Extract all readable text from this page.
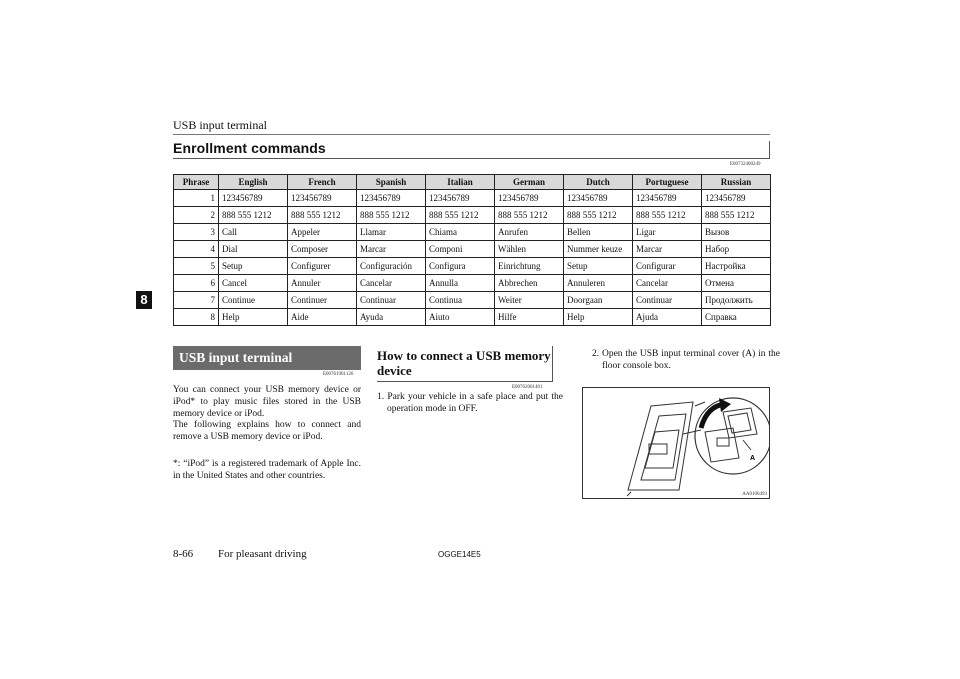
USB input terminal
Enrollment commands
E00732400249
8
Phrase	English	French	Spanish	Italian	German	Dutch	Portuguese	Russian
1	123456789	123456789	123456789	123456789	123456789	123456789	123456789	123456789
2	888 555 1212	888 555 1212	888 555 1212	888 555 1212	888 555 1212	888 555 1212	888 555 1212	888 555 1212
3	Call	Appeler	Llamar	Chiama	Anrufen	Bellen	Ligar	Вызов
4	Dial	Composer	Marcar	Componi	Wählen	Nummer keuze	Marcar	Набор
5	Setup	Configurer	Configuración	Configura	Einrichtung	Setup	Configurar	Настройка
6	Cancel	Annuler	Cancelar	Annulla	Abbrechen	Annuleren	Cancelar	Отмена
7	Continue	Continuer	Continuar	Continua	Weiter	Doorgaan	Continuar	Продолжить
8	Help	Aide	Ayuda	Aiuto	Hilfe	Help	Ajuda	Справка
USB input terminal
E00761901126
You can connect your USB memory device or iPod* to play music files stored in the USB memory device or iPod.
The following explains how to connect and remove a USB memory device or iPod.
*: “iPod” is a registered trademark of Apple Inc. in the United States and other countries.
How to connect a USB memory device
E00762001401
1. Park your vehicle in a safe place and put the operation mode in OFF.
2. Open the USB input terminal cover (A) in the floor console box.
A
AA0106493
8-66 For pleasant driving	OGGE14E5
